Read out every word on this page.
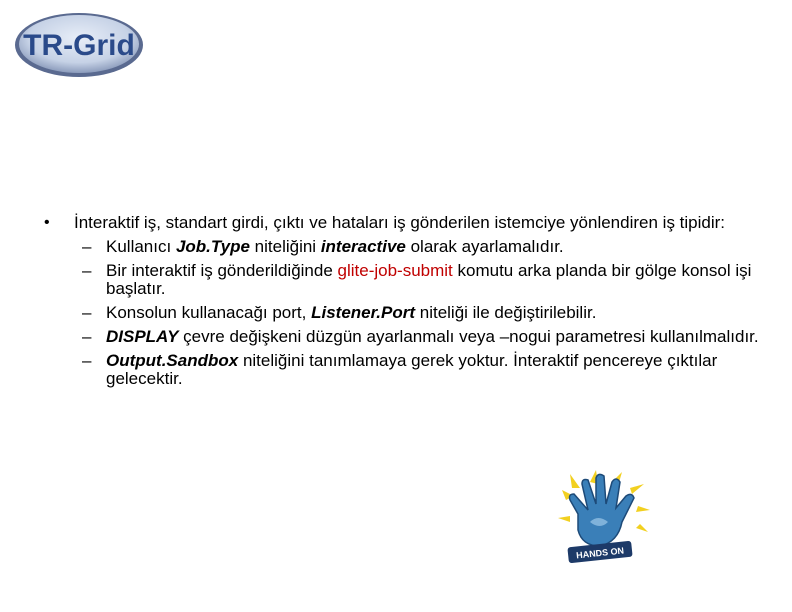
TR-Grid
• İnteraktif iş, standart girdi, çıktı ve hataları iş gönderilen istemciye yönlendiren iş tipidir:
– Kullanıcı Job.Type niteliğini interactive olarak ayarlamalıdır.
– Bir interaktif iş gönderildiğinde glite-job-submit komutu arka planda bir gölge konsol işi başlatır.
– Konsolun kullanacağı port, Listener.Port niteliği ile değiştirilebilir.
– DISPLAY çevre değişkeni düzgün ayarlanmalı veya –nogui parametresi kullanılmalıdır.
– Output.Sandbox niteliğini tanımlamaya gerek yoktur. İnteraktif pencereye çıktılar gelecektir.
HANDS ON
